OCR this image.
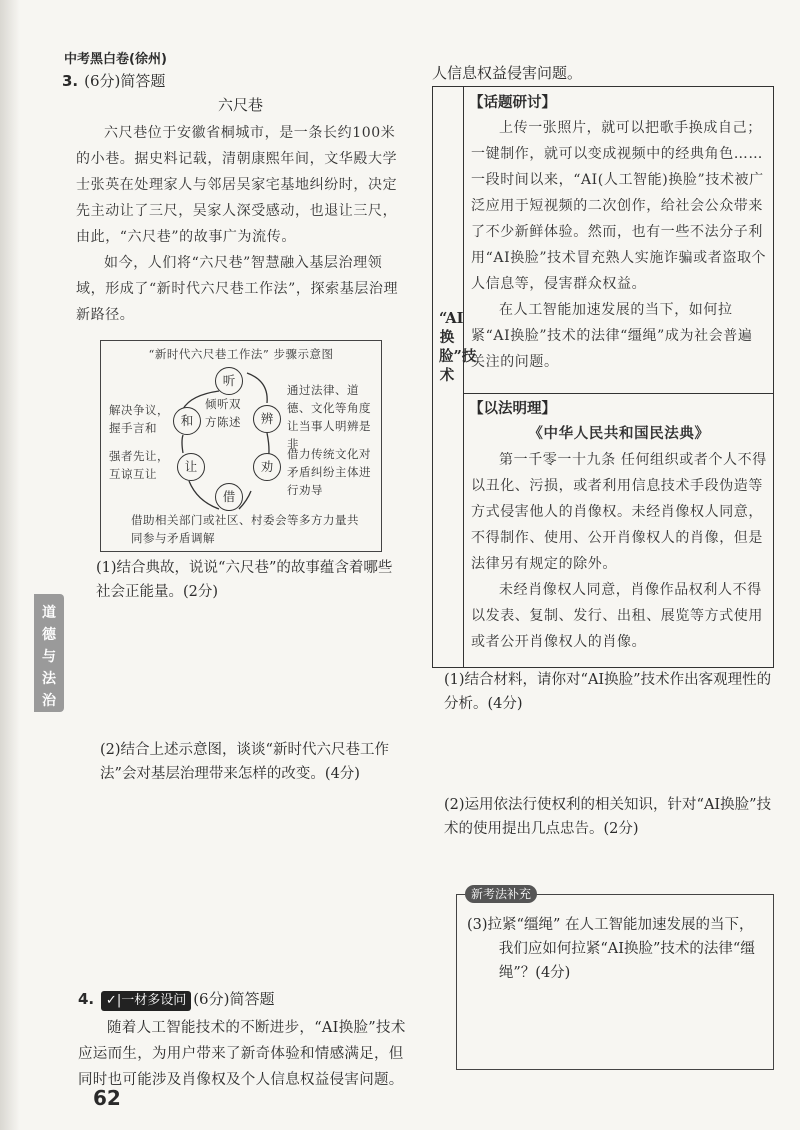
中考黑白卷(徐州)
3. (6分)简答题
六尺巷

六尺巷位于安徽省桐城市，是一条长约100米的小巷。据史料记载，清朝康熙年间，文华殿大学士张英在处理家人与邻居吴家宅基地纠纷时，决定先主动让了三尺，吴家人深受感动，也退让三尺，由此，“六尺巷”的故事广为流传。

如今，人们将“六尺巷”智慧融入基层治理领域，形成了“新时代六尺巷工作法”，探索基层治理新路径。

“新时代六尺巷工作法” 步骤示意图
听
辨
劝
借
让
和
倾听双方陈述
通过法律、道德、文化等角度让当事人明辨是非
借力传统文化对矛盾纠纷主体进行劝导
解决争议，握手言和
强者先让，互谅互让
借助相关部门或社区、村委会等多方力量共同参与矛盾调解
(1)结合典故，说说“六尺巷”的故事蕴含着哪些社会正能量。(2分)
(2)结合上述示意图，谈谈“新时代六尺巷工作法”会对基层治理带来怎样的改变。(4分)
4. ✓|一材多设问 (6分)简答题
随着人工智能技术的不断进步，“AI换脸”技术应运而生，为用户带来了新奇体验和情感满足，但同时也可能涉及肖像权及个人信息权益侵害问题。
62
道德与法治
人信息权益侵害问题。
“AI换脸”技术
【话题研讨】

上传一张照片，就可以把歌手换成自己；一键制作，就可以变成视频中的经典角色……一段时间以来，“AI(人工智能)换脸”技术被广泛应用于短视频的二次创作，给社会公众带来了不少新鲜体验。然而，也有一些不法分子利用“AI换脸”技术冒充熟人实施诈骗或者盗取个人信息等，侵害群众权益。

在人工智能加速发展的当下，如何拉紧“AI换脸”技术的法律“缰绳”成为社会普遍关注的问题。

【以法明理】
《中华人民共和国民法典》

第一千零一十九条 任何组织或者个人不得以丑化、污损，或者利用信息技术手段伪造等方式侵害他人的肖像权。未经肖像权人同意，不得制作、使用、公开肖像权人的肖像，但是法律另有规定的除外。

未经肖像权人同意，肖像作品权利人不得以发表、复制、发行、出租、展览等方式使用或者公开肖像权人的肖像。

(1)结合材料，请你对“AI换脸”技术作出客观理性的分析。(4分)
(2)运用依法行使权利的相关知识，针对“AI换脸”技术的使用提出几点忠告。(2分)
新考法补充

(3)拉紧“缰绳” 在人工智能加速发展的当下，我们应如何拉紧“AI换脸”技术的法律“缰绳”？(4分)
